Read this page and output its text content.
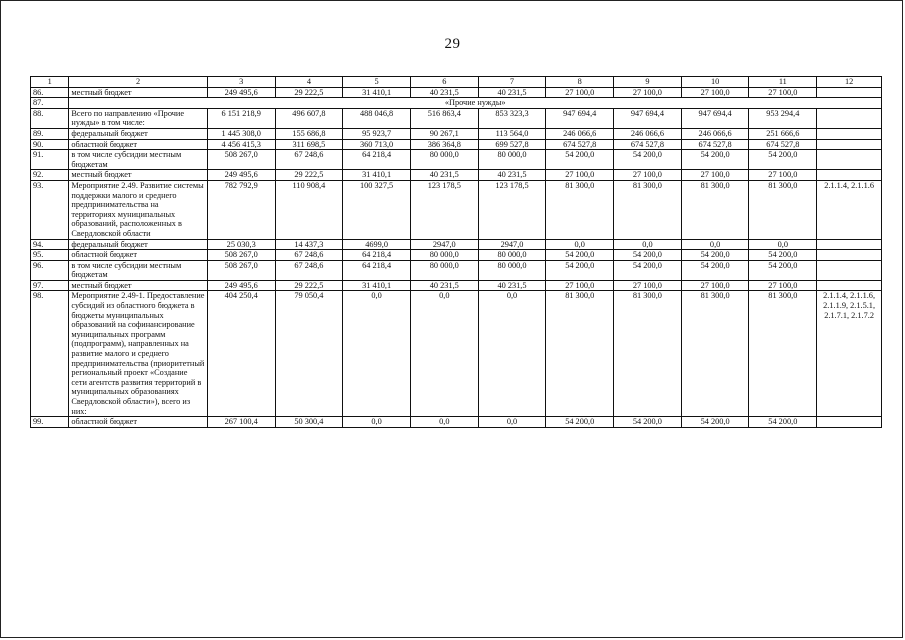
29
1	2	3	4	5	6	7	8	9	10	11	12
86.	местный бюджет	249 495,6	29 222,5	31 410,1	40 231,5	40 231,5	27 100,0	27 100,0	27 100,0	27 100,0	
87.	«Прочие нужды»										
88.	Всего по направлению «Прочие нужды» в том числе:	6 151 218,9	496 607,8	488 046,8	516 863,4	853 323,3	947 694,4	947 694,4	947 694,4	953 294,4	
89.	федеральный бюджет	1 445 308,0	155 686,8	95 923,7	90 267,1	113 564,0	246 066,6	246 066,6	246 066,6	251 666,6	
90.	областной бюджет	4 456 415,3	311 698,5	360 713,0	386 364,8	699 527,8	674 527,8	674 527,8	674 527,8	674 527,8	
91.	в том числе субсидии местным бюджетам	508 267,0	67 248,6	64 218,4	80 000,0	80 000,0	54 200,0	54 200,0	54 200,0	54 200,0	
92.	местный бюджет	249 495,6	29 222,5	31 410,1	40 231,5	40 231,5	27 100,0	27 100,0	27 100,0	27 100,0	
93.	Мероприятие 2.49. Развитие системы поддержки малого и среднего предпринимательства на территориях муниципальных образований, расположенных в Свердловской области	782 792,9	110 908,4	100 327,5	123 178,5	123 178,5	81 300,0	81 300,0	81 300,0	81 300,0	2.1.1.4, 2.1.1.6
94.	федеральный бюджет	25 030,3	14 437,3	4699,0	2947,0	2947,0	0,0	0,0	0,0	0,0	
95.	областной бюджет	508 267,0	67 248,6	64 218,4	80 000,0	80 000,0	54 200,0	54 200,0	54 200,0	54 200,0	
96.	в том числе субсидии местным бюджетам	508 267,0	67 248,6	64 218,4	80 000,0	80 000,0	54 200,0	54 200,0	54 200,0	54 200,0	
97.	местный бюджет	249 495,6	29 222,5	31 410,1	40 231,5	40 231,5	27 100,0	27 100,0	27 100,0	27 100,0	
98.	Мероприятие 2.49-1. Предоставление субсидий из областного бюджета в бюджеты муниципальных образований на софинансирование муниципальных программ (подпрограмм), направленных на развитие малого и среднего предпринимательства (приоритетный региональный проект «Создание сети агентств развития территорий в муниципальных образованиях Свердловской области»), всего из них:	404 250,4	79 050,4	0,0	0,0	0,0	81 300,0	81 300,0	81 300,0	81 300,0	2.1.1.4, 2.1.1.6, 2.1.1.9, 2.1.5.1, 2.1.7.1, 2.1.7.2
99.	областной бюджет	267 100,4	50 300,4	0,0	0,0	0,0	54 200,0	54 200,0	54 200,0	54 200,0	
